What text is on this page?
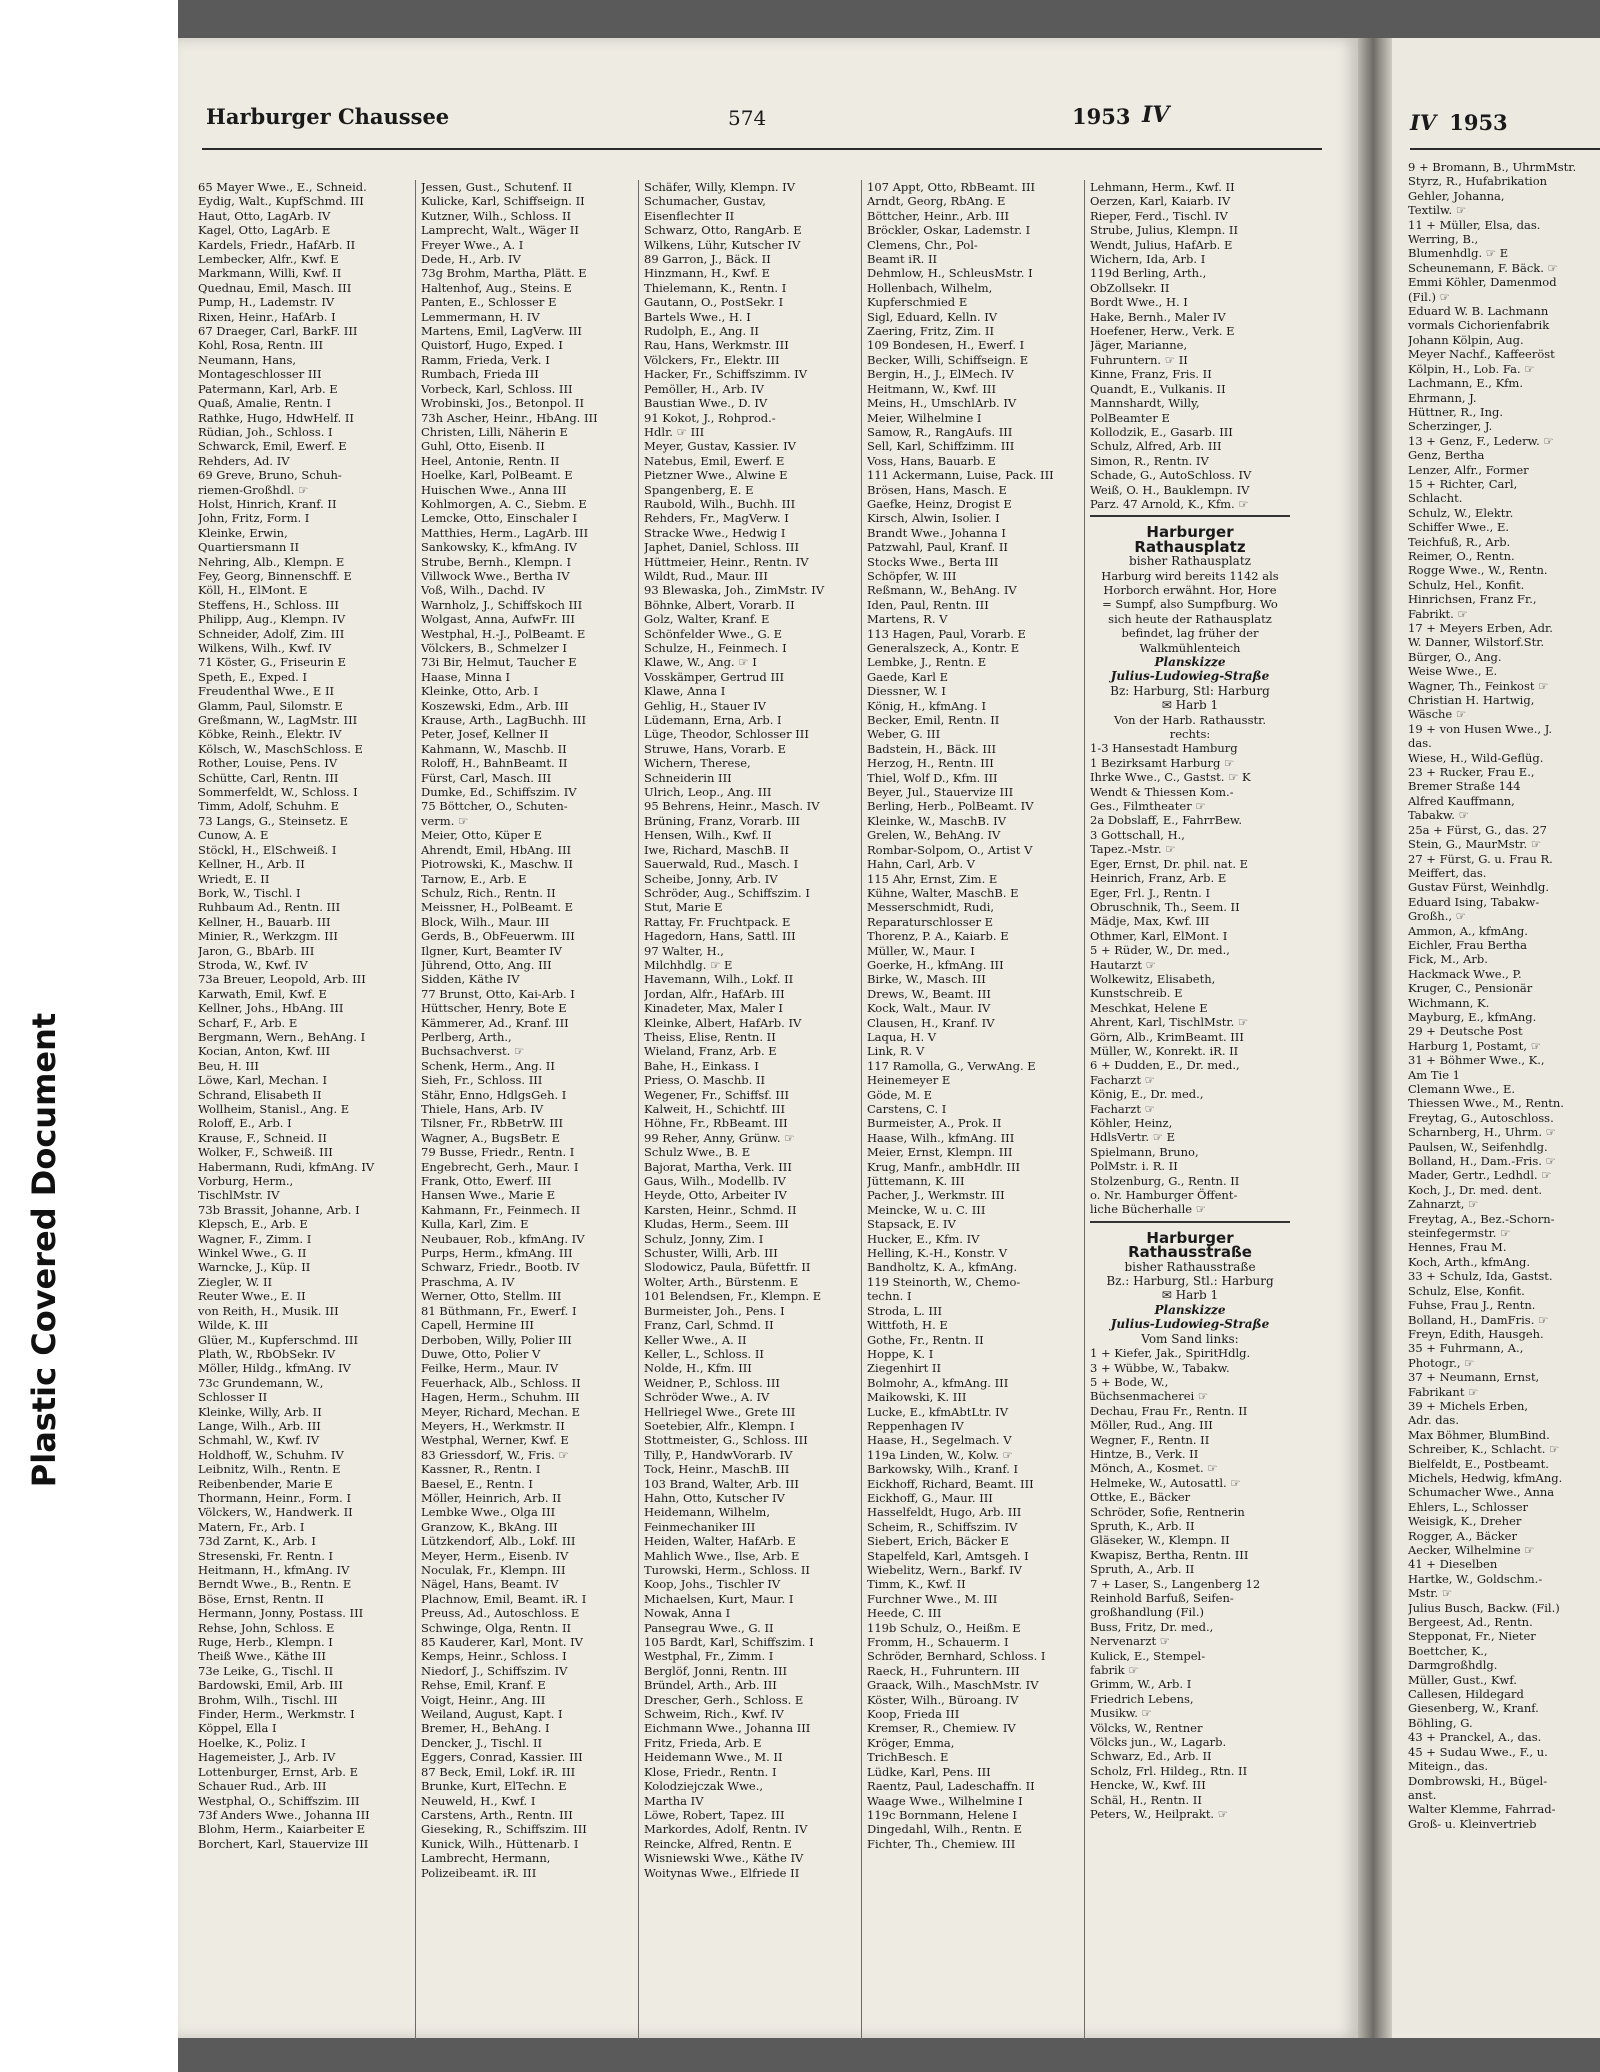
Plastic Covered Document
Harburger Chaussee	574	1953 IV
65 Mayer Wwe., E., Schneid.
Eydig, Walt., KupfSchmd. III
Haut, Otto, LagArb. IV
Kagel, Otto, LagArb. E
Kardels, Friedr., HafArb. II
Lembecker, Alfr., Kwf. E
Markmann, Willi, Kwf. II
Quednau, Emil, Masch. III
Pump, H., Lademstr. IV
Rixen, Heinr., HafArb. I
67 Draeger, Carl, BarkF. III
Kohl, Rosa, Rentn. III
Neumann, Hans,
Montageschlosser III
Patermann, Karl, Arb. E
Quaß, Amalie, Rentn. I
Rathke, Hugo, HdwHelf. II
Rüdian, Joh., Schloss. I
Schwarck, Emil, Ewerf. E
Rehders, Ad. IV
69 Greve, Bruno, Schuh-
riemen-Großhdl. ☞
Holst, Hinrich, Kranf. II
John, Fritz, Form. I
Kleinke, Erwin,
Quartiersmann II
Nehring, Alb., Klempn. E
Fey, Georg, Binnenschff. E
Köll, H., ElMont. E
Steffens, H., Schloss. III
Philipp, Aug., Klempn. IV
Schneider, Adolf, Zim. III
Wilkens, Wilh., Kwf. IV
71 Köster, G., Friseurin E
Speth, E., Exped. I
Freudenthal Wwe., E II
Glamm, Paul, Silomstr. E
Greßmann, W., LagMstr. III
Köbke, Reinh., Elektr. IV
Kölsch, W., MaschSchloss. E
Rother, Louise, Pens. IV
Schütte, Carl, Rentn. III
Sommerfeldt, W., Schloss. I
Timm, Adolf, Schuhm. E
73 Langs, G., Steinsetz. E
Cunow, A. E
Stöckl, H., ElSchweiß. I
Kellner, H., Arb. II
Wriedt, E. II
Bork, W., Tischl. I
Ruhbaum Ad., Rentn. III
Kellner, H., Bauarb. III
Minier, R., Werkzgm. III
Jaron, G., BbArb. III
Stroda, W., Kwf. IV
73a Breuer, Leopold, Arb. III
Karwath, Emil, Kwf. E
Kellner, Johs., HbAng. III
Scharf, F., Arb. E
Bergmann, Wern., BehAng. I
Kocian, Anton, Kwf. III
Beu, H. III
Löwe, Karl, Mechan. I
Schrand, Elisabeth II
Wollheim, Stanisl., Ang. E
Roloff, E., Arb. I
Krause, F., Schneid. II
Wolker, F., Schweiß. III
Habermann, Rudi, kfmAng. IV
Vorburg, Herm.,
TischlMstr. IV
73b Brassit, Johanne, Arb. I
Klepsch, E., Arb. E
Wagner, F., Zimm. I
Winkel Wwe., G. II
Warncke, J., Küp. II
Ziegler, W. II
Reuter Wwe., E. II
von Reith, H., Musik. III
Wilde, K. III
Glüer, M., Kupferschmd. III
Plath, W., RbObSekr. IV
Möller, Hildg., kfmAng. IV
73c Grundemann, W.,
Schlosser II
Kleinke, Willy, Arb. II
Lange, Wilh., Arb. III
Schmahl, W., Kwf. IV
Holdhoff, W., Schuhm. IV
Leibnitz, Wilh., Rentn. E
Reibenbender, Marie E
Thormann, Heinr., Form. I
Völckers, W., Handwerk. II
Matern, Fr., Arb. I
73d Zarnt, K., Arb. I
Stresenski, Fr. Rentn. I
Heitmann, H., kfmAng. IV
Berndt Wwe., B., Rentn. E
Böse, Ernst, Rentn. II
Hermann, Jonny, Postass. III
Rehse, John, Schloss. E
Ruge, Herb., Klempn. I
Theiß Wwe., Käthe III
73e Leike, G., Tischl. II
Bardowski, Emil, Arb. III
Brohm, Wilh., Tischl. III
Finder, Herm., Werkmstr. I
Köppel, Ella I
Hoelke, K., Poliz. I
Hagemeister, J., Arb. IV
Lottenburger, Ernst, Arb. E
Schauer Rud., Arb. III
Westphal, O., Schiffszim. III
73f Anders Wwe., Johanna III
Blohm, Herm., Kaiarbeiter E
Borchert, Karl, Stauervize III
Jessen, Gust., Schutenf. II
Kulicke, Karl, Schiffseign. II
Kutzner, Wilh., Schloss. II
Lamprecht, Walt., Wäger II
Freyer Wwe., A. I
Dede, H., Arb. IV
73g Brohm, Martha, Plätt. E
Haltenhof, Aug., Steins. E
Panten, E., Schlosser E
Lemmermann, H. IV
Martens, Emil, LagVerw. III
Quistorf, Hugo, Exped. I
Ramm, Frieda, Verk. I
Rumbach, Frieda III
Vorbeck, Karl, Schloss. III
Wrobinski, Jos., Betonpol. II
73h Ascher, Heinr., HbAng. III
Christen, Lilli, Näherin E
Guhl, Otto, Eisenb. II
Heel, Antonie, Rentn. II
Hoelke, Karl, PolBeamt. E
Huischen Wwe., Anna III
Kohlmorgen, A. C., Siebm. E
Lemcke, Otto, Einschaler I
Matthies, Herm., LagArb. III
Sankowsky, K., kfmAng. IV
Strube, Bernh., Klempn. I
Villwock Wwe., Bertha IV
Voß, Wilh., Dachd. IV
Warnholz, J., Schiffskoch III
Wolgast, Anna, AufwFr. III
Westphal, H.-J., PolBeamt. E
Völckers, B., Schmelzer I
73i Bir, Helmut, Taucher E
Haase, Minna I
Kleinke, Otto, Arb. I
Koszewski, Edm., Arb. III
Krause, Arth., LagBuchh. III
Peter, Josef, Kellner II
Kahmann, W., Maschb. II
Roloff, H., BahnBeamt. II
Fürst, Carl, Masch. III
Dumke, Ed., Schiffszim. IV
75 Böttcher, O., Schuten-
verm. ☞
Meier, Otto, Küper E
Ahrendt, Emil, HbAng. III
Piotrowski, K., Maschw. II
Tarnow, E., Arb. E
Schulz, Rich., Rentn. II
Meissner, H., PolBeamt. E
Block, Wilh., Maur. III
Gerds, B., ObFeuerwm. III
Ilgner, Kurt, Beamter IV
Jührend, Otto, Ang. III
Sidden, Käthe IV
77 Brunst, Otto, Kai-Arb. I
Hüttscher, Henry, Bote E
Kämmerer, Ad., Kranf. III
Perlberg, Arth.,
Buchsachverst. ☞
Schenk, Herm., Ang. II
Sieh, Fr., Schloss. III
Stähr, Enno, HdlgsGeh. I
Thiele, Hans, Arb. IV
Tilsner, Fr., RbBetrW. III
Wagner, A., BugsBetr. E
79 Busse, Friedr., Rentn. I
Engebrecht, Gerh., Maur. I
Frank, Otto, Ewerf. III
Hansen Wwe., Marie E
Kahmann, Fr., Feinmech. II
Kulla, Karl, Zim. E
Neubauer, Rob., kfmAng. IV
Purps, Herm., kfmAng. III
Schwarz, Friedr., Bootb. IV
Praschma, A. IV
Werner, Otto, Stellm. III
81 Büthmann, Fr., Ewerf. I
Capell, Hermine III
Derboben, Willy, Polier III
Duwe, Otto, Polier V
Feilke, Herm., Maur. IV
Feuerhack, Alb., Schloss. II
Hagen, Herm., Schuhm. III
Meyer, Richard, Mechan. E
Meyers, H., Werkmstr. II
Westphal, Werner, Kwf. E
83 Griessdorf, W., Fris. ☞
Kassner, R., Rentn. I
Baesel, E., Rentn. I
Möller, Heinrich, Arb. II
Lembke Wwe., Olga III
Granzow, K., BkAng. III
Lützkendorf, Alb., Lokf. III
Meyer, Herm., Eisenb. IV
Noculak, Fr., Klempn. III
Nägel, Hans, Beamt. IV
Plachnow, Emil, Beamt. iR. I
Preuss, Ad., Autoschloss. E
Schwinge, Olga, Rentn. II
85 Kauderer, Karl, Mont. IV
Kemps, Heinr., Schloss. I
Niedorf, J., Schiffszim. IV
Rehse, Emil, Kranf. E
Voigt, Heinr., Ang. III
Weiland, August, Kapt. I
Bremer, H., BehAng. I
Dencker, J., Tischl. II
Eggers, Conrad, Kassier. III
87 Beck, Emil, Lokf. iR. III
Brunke, Kurt, ElTechn. E
Neuweld, H., Kwf. I
Carstens, Arth., Rentn. III
Gieseking, R., Schiffszim. III
Kunick, Wilh., Hüttenarb. I
Lambrecht, Hermann,
Polizeibeamt. iR. III
Schäfer, Willy, Klempn. IV
Schumacher, Gustav,
Eisenflechter II
Schwarz, Otto, RangArb. E
Wilkens, Lühr, Kutscher IV
89 Garron, J., Bäck. II
Hinzmann, H., Kwf. E
Thielemann, K., Rentn. I
Gautann, O., PostSekr. I
Bartels Wwe., H. I
Rudolph, E., Ang. II
Rau, Hans, Werkmstr. III
Völckers, Fr., Elektr. III
Hacker, Fr., Schiffszimm. IV
Pemöller, H., Arb. IV
Baustian Wwe., D. IV
91 Kokot, J., Rohprod.-
Hdlr. ☞ III
Meyer, Gustav, Kassier. IV
Natebus, Emil, Ewerf. E
Pietzner Wwe., Alwine E
Spangenberg, E. E
Raubold, Wilh., Buchh. III
Rehders, Fr., MagVerw. I
Stracke Wwe., Hedwig I
Japhet, Daniel, Schloss. III
Hüttmeier, Heinr., Rentn. IV
Wildt, Rud., Maur. III
93 Blewaska, Joh., ZimMstr. IV
Böhnke, Albert, Vorarb. II
Golz, Walter, Kranf. E
Schönfelder Wwe., G. E
Schulze, H., Feinmech. I
Klawe, W., Ang. ☞ I
Vosskämper, Gertrud III
Klawe, Anna I
Gehlig, H., Stauer IV
Lüdemann, Erna, Arb. I
Lüge, Theodor, Schlosser III
Struwe, Hans, Vorarb. E
Wichern, Therese,
Schneiderin III
Ulrich, Leop., Ang. III
95 Behrens, Heinr., Masch. IV
Brüning, Franz, Vorarb. III
Hensen, Wilh., Kwf. II
Iwe, Richard, MaschB. II
Sauerwald, Rud., Masch. I
Scheibe, Jonny, Arb. IV
Schröder, Aug., Schiffszim. I
Stut, Marie E
Rattay, Fr. Fruchtpack. E
Hagedorn, Hans, Sattl. III
97 Walter, H.,
Milchhdlg. ☞ E
Havemann, Wilh., Lokf. II
Jordan, Alfr., HafArb. III
Kinadeter, Max, Maler I
Kleinke, Albert, HafArb. IV
Theiss, Elise, Rentn. II
Wieland, Franz, Arb. E
Bahe, H., Einkass. I
Priess, O. Maschb. II
Wegener, Fr., Schiffsf. III
Kalweit, H., Schichtf. III
Höhne, Fr., RbBeamt. III
99 Reher, Anny, Grünw. ☞
Schulz Wwe., B. E
Bajorat, Martha, Verk. III
Gaus, Wilh., Modellb. IV
Heyde, Otto, Arbeiter IV
Karsten, Heinr., Schmd. II
Kludas, Herm., Seem. III
Schulz, Jonny, Zim. I
Schuster, Willi, Arb. III
Slodowicz, Paula, Büfettfr. II
Wolter, Arth., Bürstenm. E
101 Belendsen, Fr., Klempn. E
Burmeister, Joh., Pens. I
Franz, Carl, Schmd. II
Keller Wwe., A. II
Keller, L., Schloss. II
Nolde, H., Kfm. III
Weidner, P., Schloss. III
Schröder Wwe., A. IV
Hellriegel Wwe., Grete III
Soetebier, Alfr., Klempn. I
Stottmeister, G., Schloss. III
Tilly, P., HandwVorarb. IV
Tock, Heinr., MaschB. III
103 Brand, Walter, Arb. III
Hahn, Otto, Kutscher IV
Heidemann, Wilhelm,
Feinmechaniker III
Heiden, Walter, HafArb. E
Mahlich Wwe., Ilse, Arb. E
Turowski, Herm., Schloss. II
Koop, Johs., Tischler IV
Michaelsen, Kurt, Maur. I
Nowak, Anna I
Pansegrau Wwe., G. II
105 Bardt, Karl, Schiffszim. I
Westphal, Fr., Zimm. I
Berglöf, Jonni, Rentn. III
Bründel, Arth., Arb. III
Drescher, Gerh., Schloss. E
Schweim, Rich., Kwf. IV
Eichmann Wwe., Johanna III
Fritz, Frieda, Arb. E
Heidemann Wwe., M. II
Klose, Friedr., Rentn. I
Kolodziejczak Wwe.,
Martha IV
Löwe, Robert, Tapez. III
Markordes, Adolf, Rentn. IV
Reincke, Alfred, Rentn. E
Wisniewski Wwe., Käthe IV
Woitynas Wwe., Elfriede II
107 Appt, Otto, RbBeamt. III
Arndt, Georg, RbAng. E
Böttcher, Heinr., Arb. III
Bröckler, Oskar, Lademstr. I
Clemens, Chr., Pol-
Beamt iR. II
Dehmlow, H., SchleusMstr. I
Hollenbach, Wilhelm,
Kupferschmied E
Sigl, Eduard, Kelln. IV
Zaering, Fritz, Zim. II
109 Bondesen, H., Ewerf. I
Becker, Willi, Schiffseign. E
Bergin, H., J., ElMech. IV
Heitmann, W., Kwf. III
Meins, H., UmschlArb. IV
Meier, Wilhelmine I
Samow, R., RangAufs. III
Sell, Karl, Schiffzimm. III
Voss, Hans, Bauarb. E
111 Ackermann, Luise, Pack. III
Brösen, Hans, Masch. E
Gaefke, Heinz, Drogist E
Kirsch, Alwin, Isolier. I
Brandt Wwe., Johanna I
Patzwahl, Paul, Kranf. II
Stocks Wwe., Berta III
Schöpfer, W. III
Reßmann, W., BehAng. IV
Iden, Paul, Rentn. III
Martens, R. V
113 Hagen, Paul, Vorarb. E
Generalszeck, A., Kontr. E
Lembke, J., Rentn. E
Gaede, Karl E
Diessner, W. I
König, H., kfmAng. I
Becker, Emil, Rentn. II
Weber, G. III
Badstein, H., Bäck. III
Herzog, H., Rentn. III
Thiel, Wolf D., Kfm. III
Beyer, Jul., Stauervize III
Berling, Herb., PolBeamt. IV
Kleinke, W., MaschB. IV
Grelen, W., BehAng. IV
Rombar-Solpom, O., Artist V
Hahn, Carl, Arb. V
115 Ahr, Ernst, Zim. E
Kühne, Walter, MaschB. E
Messerschmidt, Rudi,
Reparaturschlosser E
Thorenz, P. A., Kaiarb. E
Müller, W., Maur. I
Goerke, H., kfmAng. III
Birke, W., Masch. III
Drews, W., Beamt. III
Kock, Walt., Maur. IV
Clausen, H., Kranf. IV
Laqua, H. V
Link, R. V
117 Ramolla, G., VerwAng. E
Heinemeyer E
Göde, M. E
Carstens, C. I
Burmeister, A., Prok. II
Haase, Wilh., kfmAng. III
Meier, Ernst, Klempn. III
Krug, Manfr., ambHdlr. III
Jüttemann, K. III
Pacher, J., Werkmstr. III
Meincke, W. u. C. III
Stapsack, E. IV
Hucker, E., Kfm. IV
Helling, K.-H., Konstr. V
Bandholtz, K. A., kfmAng.
119 Steinorth, W., Chemo-
techn. I
Stroda, L. III
Wittfoth, H. E
Gothe, Fr., Rentn. II
Hoppe, K. I
Ziegenhirt II
Bolmohr, A., kfmAng. III
Maikowski, K. III
Lucke, E., kfmAbtLtr. IV
Reppenhagen IV
Haase, H., Segelmach. V
119a Linden, W., Kolw. ☞
Barkowsky, Wilh., Kranf. I
Eickhoff, Richard, Beamt. III
Eickhoff, G., Maur. III
Hasselfeldt, Hugo, Arb. III
Scheim, R., Schiffszim. IV
Siebert, Erich, Bäcker E
Stapelfeld, Karl, Amtsgeh. I
Wiebelitz, Wern., Barkf. IV
Timm, K., Kwf. II
Furchner Wwe., M. III
Heede, C. III
119b Schulz, O., Heißm. E
Fromm, H., Schauerm. I
Schröder, Bernhard, Schloss. I
Raeck, H., Fuhruntern. III
Graack, Wilh., MaschMstr. IV
Köster, Wilh., Büroang. IV
Koop, Frieda III
Kremser, R., Chemiew. IV
Kröger, Emma,
TrichBesch. E
Lüdke, Karl, Pens. III
Raentz, Paul, Ladeschaffn. II
Waage Wwe., Wilhelmine I
119c Bornmann, Helene I
Dingedahl, Wilh., Rentn. E
Fichter, Th., Chemiew. III
Lehmann, Herm., Kwf. II
Oerzen, Karl, Kaiarb. IV
Rieper, Ferd., Tischl. IV
Strube, Julius, Klempn. II
Wendt, Julius, HafArb. E
Wichern, Ida, Arb. I
119d Berling, Arth.,
ObZollsekr. II
Bordt Wwe., H. I
Hake, Bernh., Maler IV
Hoefener, Herw., Verk. E
Jäger, Marianne,
Fuhruntern. ☞ II
Kinne, Franz, Fris. II
Quandt, E., Vulkanis. II
Mannshardt, Willy,
PolBeamter E
Kollodzik, E., Gasarb. III
Schulz, Alfred, Arb. III
Simon, R., Rentn. IV
Schade, G., AutoSchloss. IV
Weiß, O. H., Bauklempn. IV
Parz. 47 Arnold, K., Kfm. ☞
Harburger Rathausplatz
bisher Rathausplatz
Harburg wird bereits 1142 als
Horborch erwähnt. Hor, Hore
= Sumpf, also Sumpfburg. Wo
sich heute der Rathausplatz
befindet, lag früher der
Walkmühlenteich
Planskizze
Julius-Ludowieg-Straße
Bz: Harburg, Stl: Harburg
✉ Harb 1
Von der Harb. Rathausstr.
rechts:
1-3 Hansestadt Hamburg
1 Bezirksamt Harburg ☞
Ihrke Wwe., C., Gastst. ☞ K
Wendt & Thiessen Kom.-
Ges., Filmtheater ☞
2a Dobslaff, E., FahrrBew.
3 Gottschall, H.,
Tapez.-Mstr. ☞
Eger, Ernst, Dr. phil. nat. E
Heinrich, Franz, Arb. E
Eger, Frl. J., Rentn. I
Obruschnik, Th., Seem. II
Mädje, Max, Kwf. III
Othmer, Karl, ElMont. I
5 + Rüder, W., Dr. med.,
Hautarzt ☞
Wolkewitz, Elisabeth,
Kunstschreib. E
Meschkat, Helene E
Ahrent, Karl, TischlMstr. ☞
Görn, Alb., KrimBeamt. III
Müller, W., Konrekt. iR. II
6 + Dudden, E., Dr. med.,
Facharzt ☞
König, E., Dr. med.,
Facharzt ☞
Köhler, Heinz,
HdlsVertr. ☞ E
Spielmann, Bruno,
PolMstr. i. R. II
Stolzenburg, G., Rentn. II
o. Nr. Hamburger Öffent-
liche Bücherhalle ☞
Harburger Rathausstraße
bisher Rathausstraße
Bz.: Harburg, Stl.: Harburg
✉ Harb 1
Planskizze
Julius-Ludowieg-Straße
Vom Sand links:
1 + Kiefer, Jak., SpiritHdlg.
3 + Wübbe, W., Tabakw.
5 + Bode, W.,
Büchsenmacherei ☞
Dechau, Frau Fr., Rentn. II
Möller, Rud., Ang. III
Wegner, F., Rentn. II
Hintze, B., Verk. II
Mönch, A., Kosmet. ☞
Helmeke, W., Autosattl. ☞
Ottke, E., Bäcker
Schröder, Sofie, Rentnerin
Spruth, K., Arb. II
Gläseker, W., Klempn. II
Kwapisz, Bertha, Rentn. III
Spruth, A., Arb. II
7 + Laser, S., Langenberg 12
Reinhold Barfuß, Seifen-
großhandlung (Fil.)
Buss, Fritz, Dr. med.,
Nervenarzt ☞
Kulick, E., Stempel-
fabrik ☞
Grimm, W., Arb. I
Friedrich Lebens,
Musikw. ☞
Völcks, W., Rentner
Völcks jun., W., Lagarb.
Schwarz, Ed., Arb. II
Scholz, Frl. Hildeg., Rtn. II
Hencke, W., Kwf. III
Schäl, H., Rentn. II
Peters, W., Heilprakt. ☞
IV 1953
9 + Bromann, B., UhrmMstr.
Styrz, R., Hufabrikation
Gehler, Johanna,
Textilw. ☞
11 + Müller, Elsa, das.
Werring, B.,
Blumenhdlg. ☞ E
Scheunemann, F. Bäck. ☞
Emmi Köhler, Damenmod
(Fil.) ☞
Eduard W. B. Lachmann
vormals Cichorienfabrik
Johann Kölpin, Aug.
Meyer Nachf., Kaffeeröst
Kölpin, H., Lob. Fa. ☞
Lachmann, E., Kfm.
Ehrmann, J.
Hüttner, R., Ing.
Scherzinger, J.
13 + Genz, F., Lederw. ☞
Genz, Bertha
Lenzer, Alfr., Former
15 + Richter, Carl,
Schlacht.
Schulz, W., Elektr.
Schiffer Wwe., E.
Teichfuß, R., Arb.
Reimer, O., Rentn.
Rogge Wwe., W., Rentn.
Schulz, Hel., Konfit.
Hinrichsen, Franz Fr.,
Fabrikt. ☞
17 + Meyers Erben, Adr.
W. Danner, Wilstorf.Str.
Bürger, O., Ang.
Weise Wwe., E.
Wagner, Th., Feinkost ☞
Christian H. Hartwig,
Wäsche ☞
19 + von Husen Wwe., J.
das.
Wiese, H., Wild-Geflüg.
23 + Rucker, Frau E.,
Bremer Straße 144
Alfred Kauffmann,
Tabakw. ☞
25a + Fürst, G., das. 27
Stein, G., MaurMstr. ☞
27 + Fürst, G. u. Frau R.
Meiffert, das.
Gustav Fürst, Weinhdlg.
Eduard Ising, Tabakw-
Großh., ☞
Ammon, A., kfmAng.
Eichler, Frau Bertha
Fick, M., Arb.
Hackmack Wwe., P.
Kruger, C., Pensionär
Wichmann, K.
Mayburg, E., kfmAng.
29 + Deutsche Post
Harburg 1, Postamt, ☞
31 + Böhmer Wwe., K.,
Am Tie 1
Clemann Wwe., E.
Thiessen Wwe., M., Rentn.
Freytag, G., Autoschloss.
Scharnberg, H., Uhrm. ☞
Paulsen, W., Seifenhdlg.
Bolland, H., Dam.-Fris. ☞
Mader, Gertr., Ledhdl. ☞
Koch, J., Dr. med. dent.
Zahnarzt, ☞
Freytag, A., Bez.-Schorn-
steinfegermstr. ☞
Hennes, Frau M.
Koch, Arth., kfmAng.
33 + Schulz, Ida, Gastst.
Schulz, Else, Konfit.
Fuhse, Frau J., Rentn.
Bolland, H., DamFris. ☞
Freyn, Edith, Hausgeh.
35 + Fuhrmann, A.,
Photogr., ☞
37 + Neumann, Ernst,
Fabrikant ☞
39 + Michels Erben,
Adr. das.
Max Böhmer, BlumBind.
Schreiber, K., Schlacht. ☞
Bielfeldt, E., Postbeamt.
Michels, Hedwig, kfmAng.
Schumacher Wwe., Anna
Ehlers, L., Schlosser
Weisigk, K., Dreher
Rogger, A., Bäcker
Aecker, Wilhelmine ☞
41 + Dieselben
Hartke, W., Goldschm.-
Mstr. ☞
Julius Busch, Backw. (Fil.)
Bergeest, Ad., Rentn.
Stepponat, Fr., Nieter
Boettcher, K.,
Darmgroßhdlg.
Müller, Gust., Kwf.
Callesen, Hildegard
Giesenberg, W., Kranf.
Böhling, G.
43 + Pranckel, A., das.
45 + Sudau Wwe., F., u.
Miteign., das.
Dombrowski, H., Bügel-
anst.
Walter Klemme, Fahrrad-
Groß- u. Kleinvertrieb
